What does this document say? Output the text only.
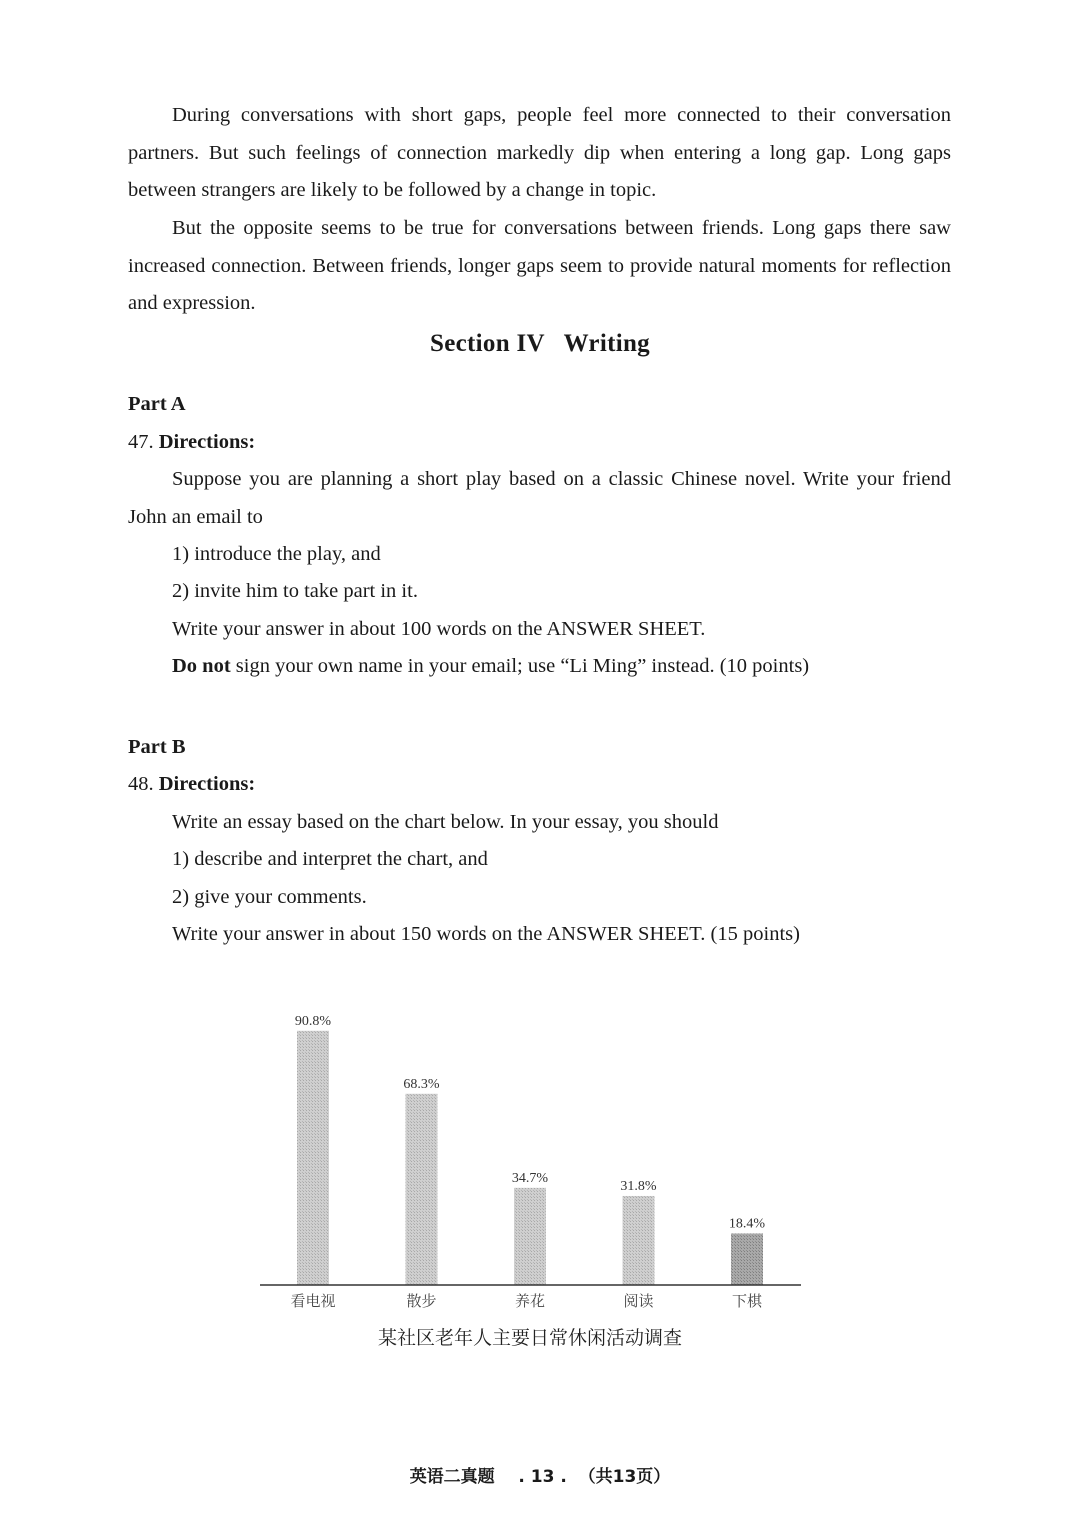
During conversations with short gaps, people feel more connected to their conversation partners. But such feelings of connection markedly dip when entering a long gap. Long gaps between strangers are likely to be followed by a change in topic.

But the opposite seems to be true for conversations between friends. Long gaps there saw increased connection. Between friends, longer gaps seem to provide natural moments for reflection and expression.

Section IV   Writing

Part A

47. Directions:

Suppose you are planning a short play based on a classic Chinese novel. Write your friend John an email to

1) introduce the play, and

2) invite him to take part in it.

Write your answer in about 100 words on the ANSWER SHEET.

Do not sign your own name in your email; use “Li Ming” instead. (10 points)

Part B

48. Directions:

Write an essay based on the chart below. In your essay, you should

1) describe and interpret the chart, and

2) give your comments.

Write your answer in about 150 words on the ANSWER SHEET. (15 points)

90.8%
68.3%
34.7%
31.8%
18.4%
看电视	散步	养花	阅读	下棋
某社区老年人主要日常休闲活动调查

英语二真题 . 13 . （共13页）
